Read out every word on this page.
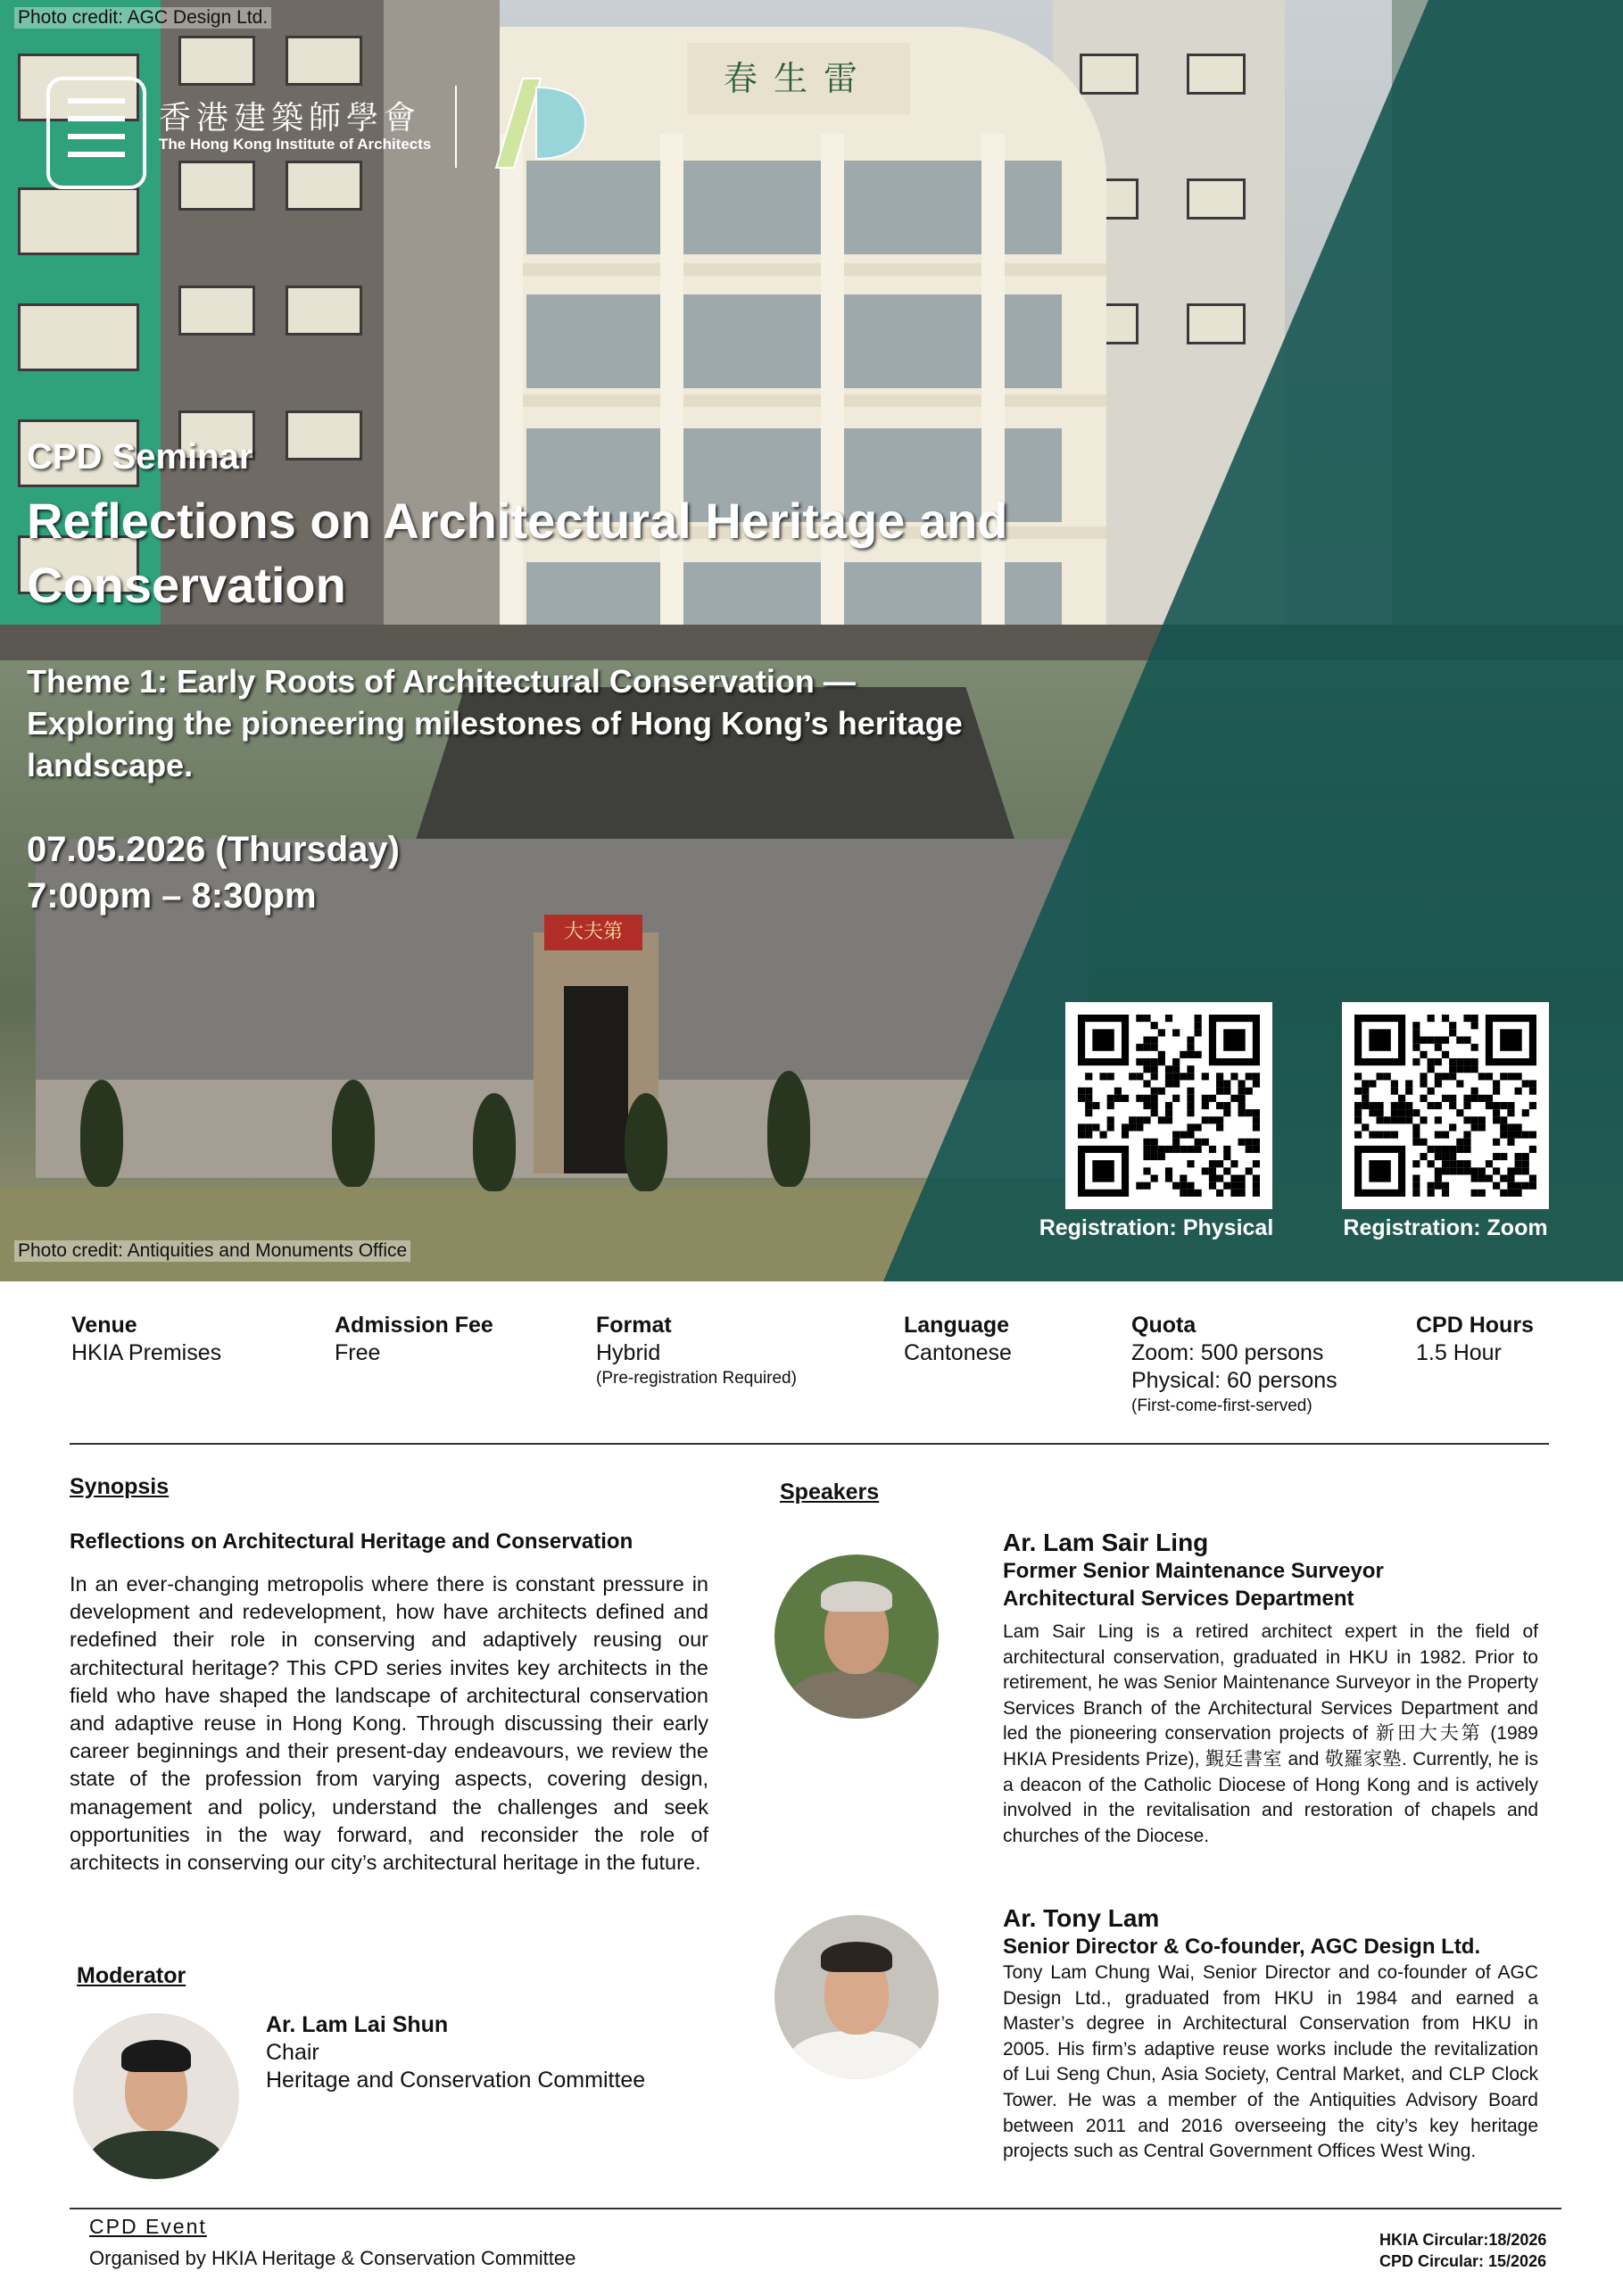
春生雷
大夫第
Photo credit: AGC Design Ltd.
香港建築師學會
The Hong Kong Institute of Architects
CPD Seminar
Reflections on Architectural Heritage and Conservation
Theme 1: Early Roots of Architectural Conservation — Exploring the pioneering milestones of Hong Kong’s heritage landscape.
07.05.2026 (Thursday)
7:00pm – 8:30pm
Registration: Physical	Registration: Zoom
Photo credit: Antiquities and Monuments Office
Venue
HKIA Premises
Admission Fee
Free
Format
Hybrid
(Pre-registration Required)
Language
Cantonese
Quota
Zoom: 500 persons
Physical: 60 persons
(First-come-first-served)
CPD Hours
1.5 Hour
Synopsis
Reflections on Architectural Heritage and Conservation
In an ever-changing metropolis where there is constant pressure in development and redevelopment, how have architects defined and redefined their role in conserving and adaptively reusing our architectural heritage? This CPD series invites key architects in the field who have shaped the landscape of architectural conservation and adaptive reuse in Hong Kong. Through discussing their early career beginnings and their present-day endeavours, we review the state of the profession from varying aspects, covering design, management and policy, understand the challenges and seek opportunities in the way forward, and reconsider the role of architects in conserving our city’s architectural heritage in the future.
Moderator
Ar. Lam Lai Shun
Chair
Heritage and Conservation Committee
Speakers
Ar. Lam Sair Ling
Former Senior Maintenance Surveyor
Architectural Services Department
Lam Sair Ling is a retired architect expert in the field of architectural conservation, graduated in HKU in 1982. Prior to retirement, he was Senior Maintenance Surveyor in the Property Services Branch of the Architectural Services Department and led the pioneering conservation projects of 新田大夫第 (1989 HKIA Presidents Prize), 覲廷書室 and 敬羅家塾. Currently, he is a deacon of the Catholic Diocese of Hong Kong and is actively involved in the revitalisation and restoration of chapels and churches of the Diocese.
Ar. Tony Lam
Senior Director & Co-founder, AGC Design Ltd.
Tony Lam Chung Wai, Senior Director and co-founder of AGC Design Ltd., graduated from HKU in 1984 and earned a Master’s degree in Architectural Conservation from HKU in 2005. His firm’s adaptive reuse works include the revitalization of Lui Seng Chun, Asia Society, Central Market, and CLP Clock Tower. He was a member of the Antiquities Advisory Board between 2011 and 2016 overseeing the city’s key heritage projects such as Central Government Offices West Wing.
CPD Event
Organised by HKIA Heritage & Conservation Committee
HKIA Circular:18/2026
CPD Circular: 15/2026
